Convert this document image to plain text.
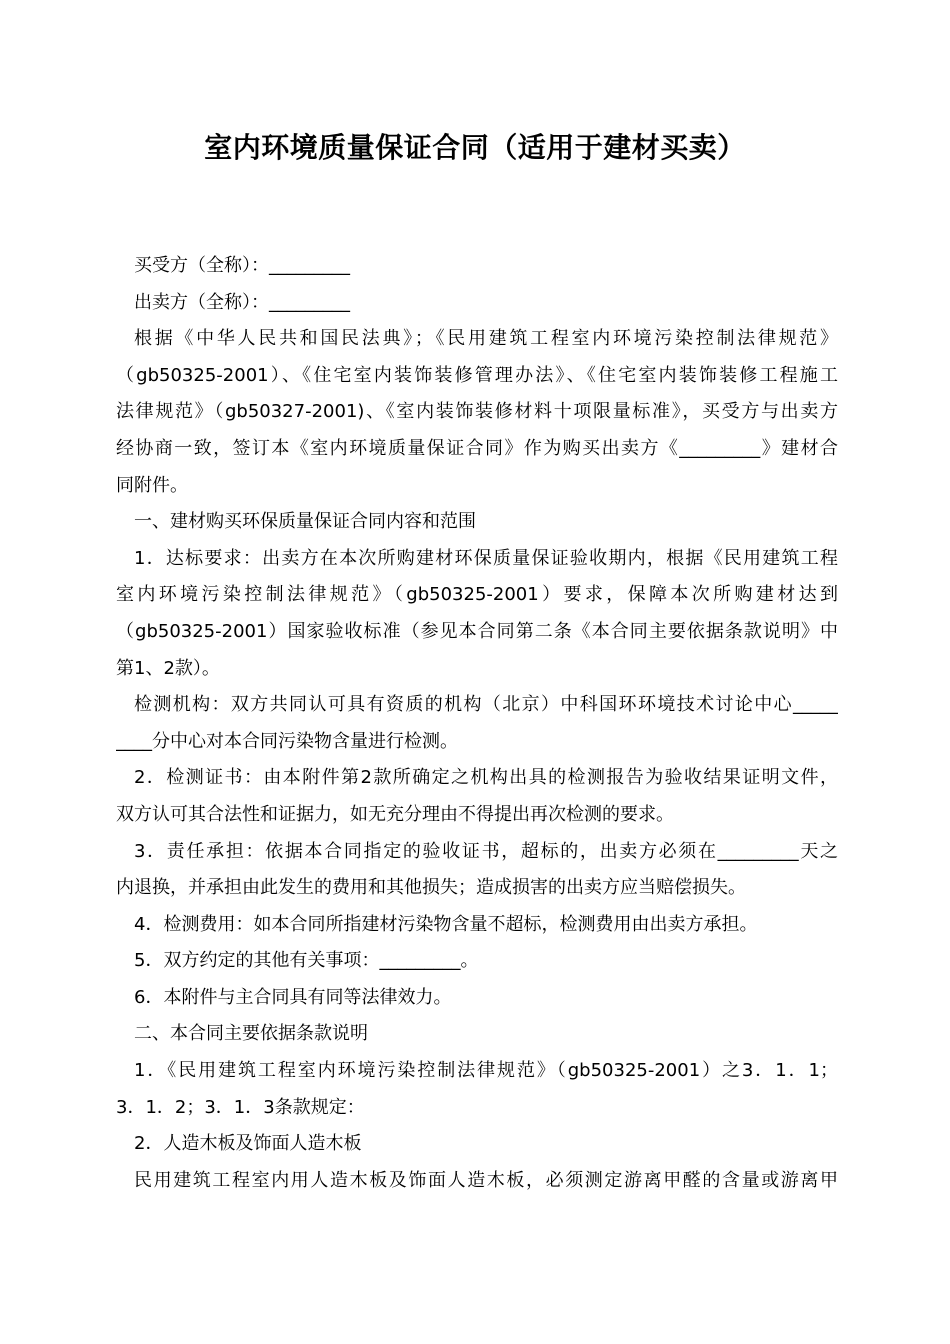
室内环境质量保证合同（适用于建材买卖）
买受方（全称）：_________
出卖方（全称）：_________
根据《中华人民共和国民法典》；《民用建筑工程室内环境污染控制法律规范》
（gb50325-2001）、《住宅室内装饰装修管理办法》、《住宅室内装饰装修工程施工
法律规范》（gb50327-2001)、《室内装饰装修材料十项限量标准》，买受方与出卖方
经协商一致，签订本《室内环境质量保证合同》作为购买出卖方《_________》建材合
同附件。
一、建材购买环保质量保证合同内容和范围
1．达标要求：出卖方在本次所购建材环保质量保证验收期内，根据《民用建筑工程
室内环境污染控制法律规范》（gb50325-2001）要求，保障本次所购建材达到
（gb50325-2001）国家验收标准（参见本合同第二条《本合同主要依据条款说明》中
第1、2款）。
检测机构：双方共同认可具有资质的机构（北京）中科国环环境技术讨论中心_____
____分中心对本合同污染物含量进行检测。
2．检测证书：由本附件第2款所确定之机构出具的检测报告为验收结果证明文件，
双方认可其合法性和证据力，如无充分理由不得提出再次检测的要求。
3．责任承担：依据本合同指定的验收证书，超标的，出卖方必须在_________天之
内退换，并承担由此发生的费用和其他损失；造成损害的出卖方应当赔偿损失。
4．检测费用：如本合同所指建材污染物含量不超标，检测费用由出卖方承担。
5．双方约定的其他有关事项：_________。
6．本附件与主合同具有同等法律效力。
二、本合同主要依据条款说明
1．《民用建筑工程室内环境污染控制法律规范》（gb50325-2001）之3．1．1；
3．1．2；3．1．3条款规定：
2．人造木板及饰面人造木板
民用建筑工程室内用人造木板及饰面人造木板，必须测定游离甲醛的含量或游离甲
